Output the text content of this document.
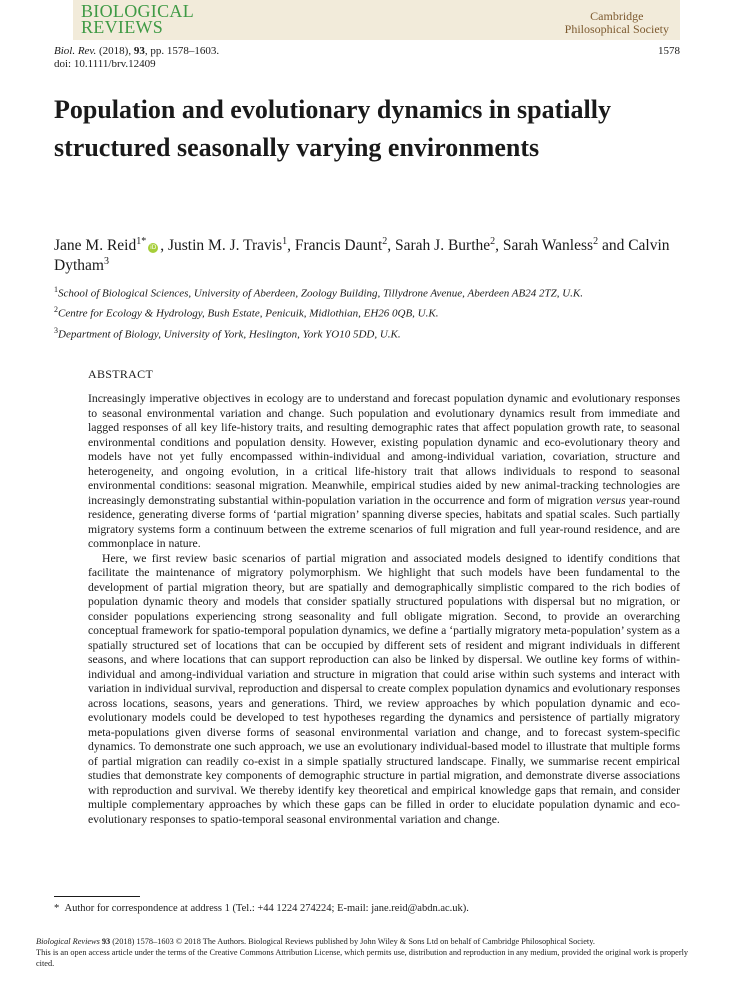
BIOLOGICAL
REVIEWS
Cambridge
Philosophical Society
Biol. Rev. (2018), 93, pp. 1578–1603.
doi: 10.1111/brv.12409
1578
Population and evolutionary dynamics in spatially structured seasonally varying environments
Jane M. Reid$^{1*}$iD , Justin M. J. Travis$^1$, Francis Daunt$^2$, Sarah J. Burthe$^2$, Sarah Wanless$^2$ and Calvin Dytham$^3$
$^1$School of Biological Sciences, University of Aberdeen, Zoology Building, Tillydrone Avenue, Aberdeen AB24 2TZ, U.K.
$^2$Centre for Ecology & Hydrology, Bush Estate, Penicuik, Midlothian, EH26 0QB, U.K.
$^3$Department of Biology, University of York, Heslington, York YO10 5DD, U.K.
ABSTRACT

Increasingly imperative objectives in ecology are to understand and forecast population dynamic and evolutionary responses to seasonal environmental variation and change. Such population and evolutionary dynamics result from immediate and lagged responses of all key life-history traits, and resulting demographic rates that affect population growth rate, to seasonal environmental conditions and population density. However, existing population dynamic and eco-evolutionary theory and models have not yet fully encompassed within-individual and among-individual variation, covariation, structure and heterogeneity, and ongoing evolution, in a critical life-history trait that allows individuals to respond to seasonal environmental conditions: seasonal migration. Meanwhile, empirical studies aided by new animal-tracking technologies are increasingly demonstrating substantial within-population variation in the occurrence and form of migration versus year-round residence, generating diverse forms of ‘partial migration’ spanning diverse species, habitats and spatial scales. Such partially migratory systems form a continuum between the extreme scenarios of full migration and full year-round residence, and are commonplace in nature.

Here, we first review basic scenarios of partial migration and associated models designed to identify conditions that facilitate the maintenance of migratory polymorphism. We highlight that such models have been fundamental to the development of partial migration theory, but are spatially and demographically simplistic compared to the rich bodies of population dynamic theory and models that consider spatially structured populations with dispersal but no migration, or consider populations experiencing strong seasonality and full obligate migration. Second, to provide an overarching conceptual framework for spatio-temporal population dynamics, we define a ‘partially migratory meta-population’ system as a spatially structured set of locations that can be occupied by different sets of resident and migrant individuals in different seasons, and where locations that can support reproduction can also be linked by dispersal. We outline key forms of within-individual and among-individual variation and structure in migration that could arise within such systems and interact with variation in individual survival, reproduction and dispersal to create complex population dynamics and evolutionary responses across locations, seasons, years and generations. Third, we review approaches by which population dynamic and eco-evolutionary models could be developed to test hypotheses regarding the dynamics and persistence of partially migratory meta-populations given diverse forms of seasonal environmental variation and change, and to forecast system-specific dynamics. To demonstrate one such approach, we use an evolutionary individual-based model to illustrate that multiple forms of partial migration can readily co-exist in a simple spatially structured landscape. Finally, we summarise recent empirical studies that demonstrate key components of demographic structure in partial migration, and demonstrate diverse associations with reproduction and survival. We thereby identify key theoretical and empirical knowledge gaps that remain, and consider multiple complementary approaches by which these gaps can be filled in order to elucidate population dynamic and eco-evolutionary responses to spatio-temporal seasonal environmental variation and change.

* Author for correspondence at address 1 (Tel.: +44 1224 274224; E-mail: jane.reid@abdn.ac.uk).
Biological Reviews 93 (2018) 1578–1603 © 2018 The Authors. Biological Reviews published by John Wiley & Sons Ltd on behalf of Cambridge Philosophical Society.
This is an open access article under the terms of the Creative Commons Attribution License, which permits use, distribution and reproduction in any medium, provided the original work is properly cited.
